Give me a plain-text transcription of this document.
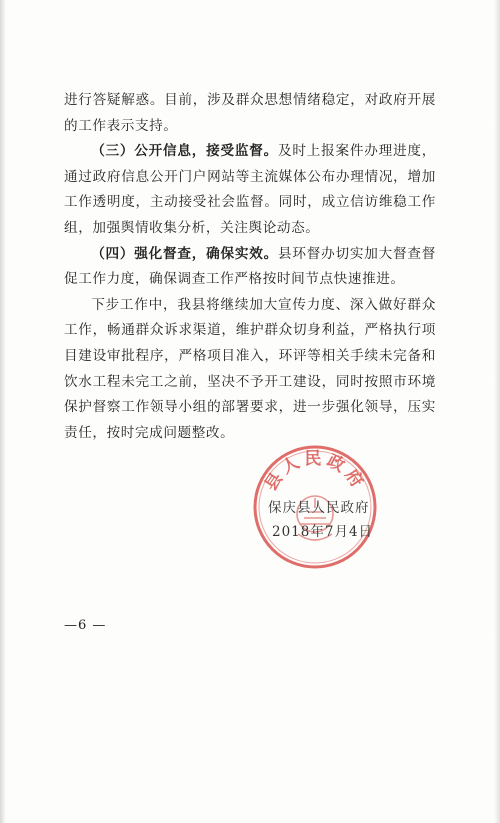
进行答疑解惑。目前，涉及群众思想情绪稳定，对政府开展的工作表示支持。

（三）公开信息，接受监督。及时上报案件办理进度，通过政府信息公开门户网站等主流媒体公布办理情况，增加工作透明度，主动接受社会监督。同时，成立信访维稳工作组，加强舆情收集分析，关注舆论动态。

（四）强化督查，确保实效。县环督办切实加大督查督促工作力度，确保调查工作严格按时间节点快速推进。

下步工作中，我县将继续加大宣传力度、深入做好群众工作，畅通群众诉求渠道，维护群众切身利益，严格执行项目建设审批程序，严格项目准入，环评等相关手续未完备和饮水工程未完工之前，坚决不予开工建设，同时按照市环境保护督察工作领导小组的部署要求，进一步强化领导，压实责任，按时完成问题整改。

县人民政府
保庆县人民政府
2018年7月4日
—6 —
